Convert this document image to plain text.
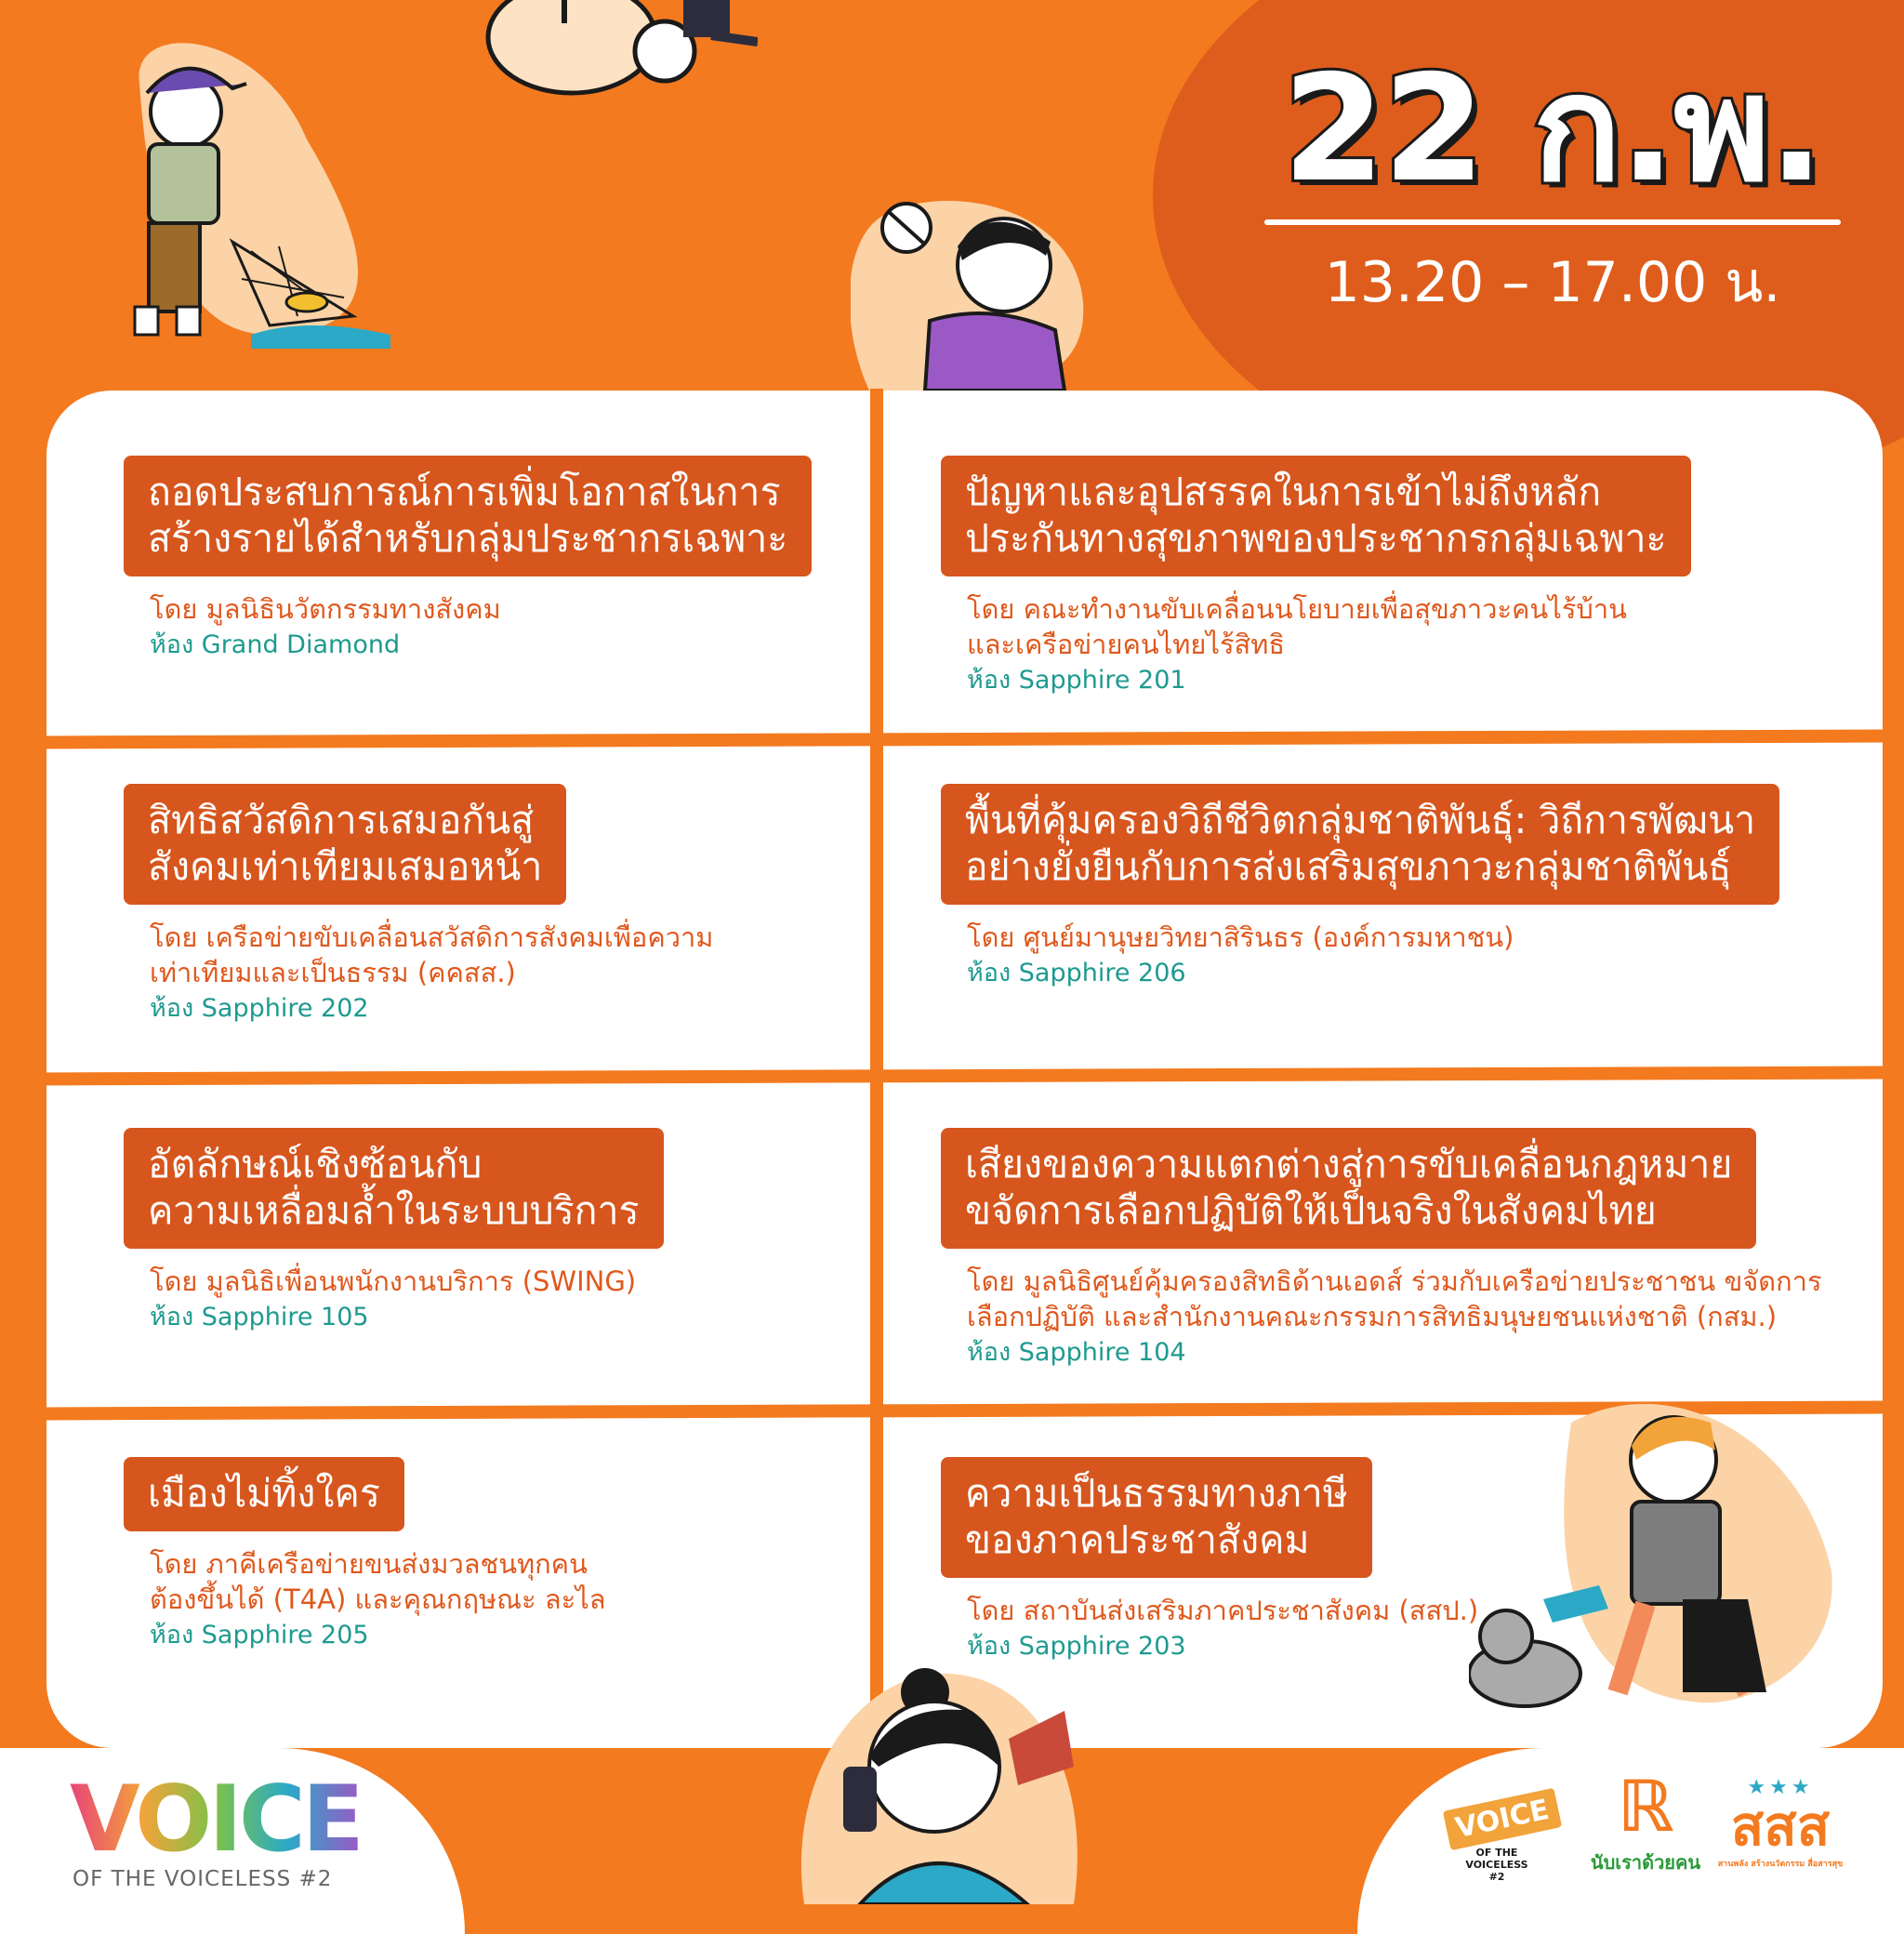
22 ก.พ.
13.20 – 17.00 น.
ถอดประสบการณ์การเพิ่มโอกาสในการ
สร้างรายได้สำหรับกลุ่มประชากรเฉพาะ
โดย มูลนิธินวัตกรรมทางสังคม
ห้อง Grand Diamond
ปัญหาและอุปสรรคในการเข้าไม่ถึงหลัก
ประกันทางสุขภาพของประชากรกลุ่มเฉพาะ
โดย คณะทำงานขับเคลื่อนนโยบายเพื่อสุขภาวะคนไร้บ้าน
และเครือข่ายคนไทยไร้สิทธิ
ห้อง Sapphire 201
สิทธิสวัสดิการเสมอกันสู่
สังคมเท่าเทียมเสมอหน้า
โดย เครือข่ายขับเคลื่อนสวัสดิการสังคมเพื่อความ
เท่าเทียมและเป็นธรรม (คคสส.)
ห้อง Sapphire 202
พื้นที่คุ้มครองวิถีชีวิตกลุ่มชาติพันธุ์: วิถีการพัฒนา
อย่างยั่งยืนกับการส่งเสริมสุขภาวะกลุ่มชาติพันธุ์
โดย ศูนย์มานุษยวิทยาสิรินธร (องค์การมหาชน)
ห้อง Sapphire 206
อัตลักษณ์เชิงซ้อนกับ
ความเหลื่อมล้ำในระบบบริการ
โดย มูลนิธิเพื่อนพนักงานบริการ (SWING)
ห้อง Sapphire 105
เสียงของความแตกต่างสู่การขับเคลื่อนกฎหมาย
ขจัดการเลือกปฏิบัติให้เป็นจริงในสังคมไทย
โดย มูลนิธิศูนย์คุ้มครองสิทธิด้านเอดส์ ร่วมกับเครือข่ายประชาชน ขจัดการ
เลือกปฏิบัติ และสำนักงานคณะกรรมการสิทธิมนุษยชนแห่งชาติ (กสม.)
ห้อง Sapphire 104
เมืองไม่ทิ้งใคร
โดย ภาคีเครือข่ายขนส่งมวลชนทุกคน
ต้องขึ้นได้ (T4A) และคุณกฤษณะ ละไล
ห้อง Sapphire 205
ความเป็นธรรมทางภาษี
ของภาคประชาสังคม
โดย สถาบันส่งเสริมภาคประชาสังคม (สสป.)
ห้อง Sapphire 203
VOICE
OF THE VOICELESS #2
VOICE
OF THE VOICELESS
#2
ℝ
นับเราด้วยคน
★★★
สสส
สานพลัง สร้างนวัตกรรม สื่อสารสุข
